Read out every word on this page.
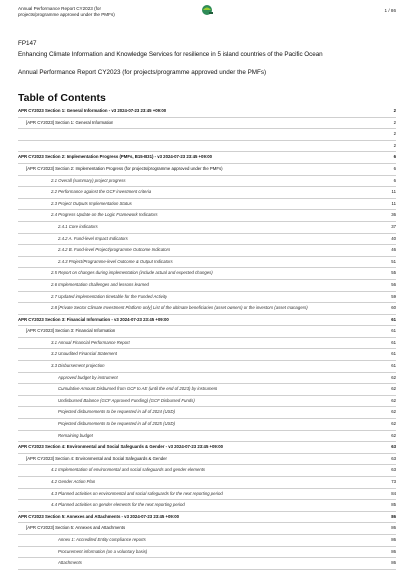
Annual Performance Report CY2023 (for projects/programme approved under the PMFs)
1 / 86
FP147
Enhancing Climate Information and Knowledge Services for resilience in 5 island countries of the Pacific Ocean
Annual Performance Report CY2023 (for projects/programme approved under the PMFs)
Table of Contents
APR CY2023 Section 1: General Information - v3 2024-07-23 23:45 +09:00	2
[APR CY2023] Section 1: General Information	2
2
2
APR CY2023 Section 2: Implementation Progress (PMFs, B15-B31) - v3 2024-07-23 23:45 +09:00	6
[APR CY2023] Section 2: Implementation Progress (for projects/programme approved under the PMFs)	6
2.1 Overall (summary) project progress	6
2.2 Performance against the GCF investment criteria	11
2.3 Project Outputs Implementation Status	11
2.4 Progress Update on the Logic Framework Indicators	36
2.4.1 Core indicators	37
2.4.2 A. Fund-level Impact Indicators	40
2.4.2 B. Fund-level Project/programme Outcome Indicators	46
2.4.3 Project/Programme-level Outcome & Output Indicators	51
2.5 Report on changes during implementation (include actual and expected changes)	55
2.6 Implementation challenges and lessons learned	56
2.7 Updated implementation timetable for the Funded Activity	59
2.8 [Private Sector Climate Investment Platform only] List of the ultimate beneficiaries (asset owners) or the investors (asset managers)	60
APR CY2023 Section 3: Financial Information - v3 2024-07-23 23:45 +09:00	61
[APR CY2023] Section 3: Financial Information	61
3.1 Annual Financial Performance Report	61
3.2 Unaudited Financial Statement	61
3.3 Disbursement projection	61
Approved budget by instrument	62
Cumulative Amount Disbursed from GCF to AE (until the end of 2023) by instrument	62
Undisbursed Balance (GCF Approved Funding) (GCF Disbursed Funds)	62
Projected disbursements to be requested in all of 2024 (USD)	62
Projected disbursements to be requested in all of 2025 (USD)	62
Remaining budget	62
APR CY2023 Section 4: Environmental and Social Safeguards & Gender - v3 2024-07-23 23:45 +09:00	63
[APR CY2023] Section 4: Environmental and Social Safeguards & Gender	63
4.1 Implementation of environmental and social safeguards and gender elements	63
4.2 Gender Action Plan	73
4.3 Planned activities on environmental and social safeguards for the next reporting period	84
4.4 Planned activities on gender elements for the next reporting period	85
APR CY2023 Section 5: Annexes and Attachments - v3 2024-07-23 23:45 +09:00	86
[APR CY2023] Section 5: Annexes and Attachments	86
Annex 1: Accredited Entity compliance reports	86
Procurement information (on a voluntary basis)	86
Attachments	86
